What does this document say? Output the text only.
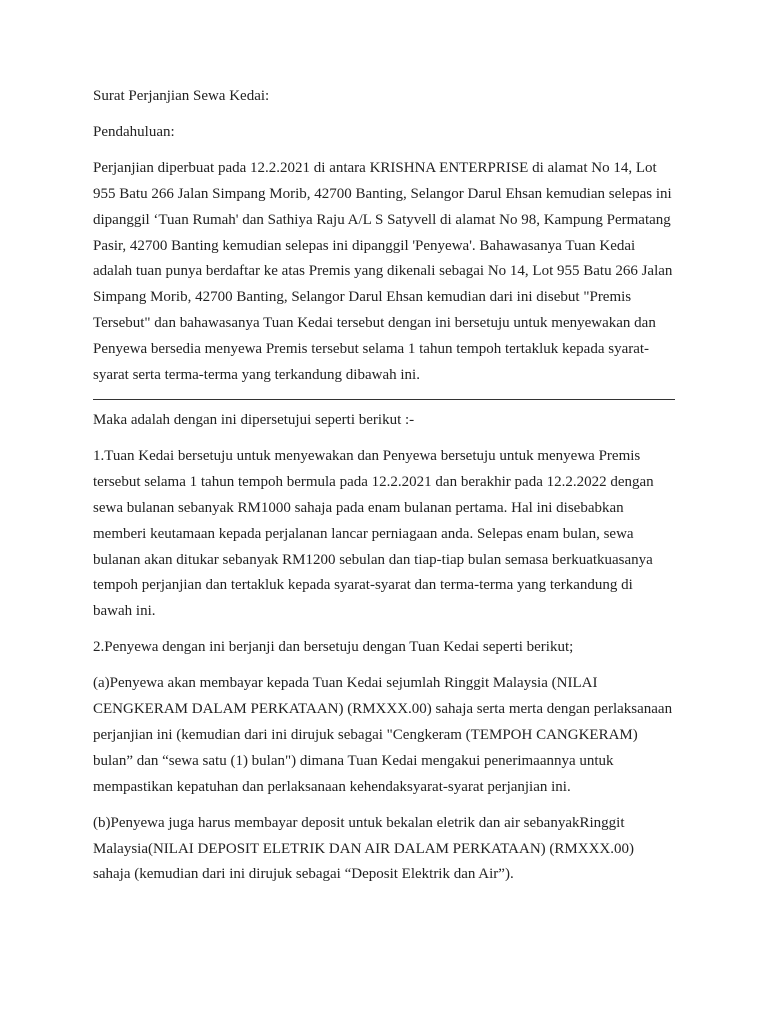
Surat Perjanjian Sewa Kedai:

Pendahuluan:

Perjanjian diperbuat pada 12.2.2021 di antara KRISHNA ENTERPRISE di alamat No 14, Lot 955 Batu 266 Jalan Simpang Morib, 42700 Banting, Selangor Darul Ehsan kemudian selepas ini dipanggil ‘Tuan Rumah' dan Sathiya Raju A/L S Satyvell di alamat No 98, Kampung Permatang Pasir, 42700 Banting kemudian selepas ini dipanggil 'Penyewa'. Bahawasanya Tuan Kedai adalah tuan punya berdaftar ke atas Premis yang dikenali sebagai No 14, Lot 955 Batu 266 Jalan Simpang Morib, 42700 Banting, Selangor Darul Ehsan kemudian dari ini disebut "Premis Tersebut" dan bahawasanya Tuan Kedai tersebut dengan ini bersetuju untuk menyewakan dan Penyewa bersedia menyewa Premis tersebut selama 1 tahun tempoh tertakluk kepada syarat-syarat serta terma-terma yang terkandung dibawah ini.

Maka adalah dengan ini dipersetujui seperti berikut :-

1.Tuan Kedai bersetuju untuk menyewakan dan Penyewa bersetuju untuk menyewa Premis tersebut selama 1 tahun tempoh bermula pada 12.2.2021 dan berakhir pada 12.2.2022 dengan sewa bulanan sebanyak RM1000 sahaja pada enam bulanan pertama. Hal ini disebabkan memberi keutamaan kepada perjalanan lancar perniagaan anda. Selepas enam bulan, sewa bulanan akan ditukar sebanyak RM1200 sebulan dan tiap-tiap bulan semasa berkuatkuasanya tempoh perjanjian dan tertakluk kepada syarat-syarat dan terma-terma yang terkandung di bawah ini.

2.Penyewa dengan ini berjanji dan bersetuju dengan Tuan Kedai seperti berikut;

(a)Penyewa akan membayar kepada Tuan Kedai sejumlah Ringgit Malaysia (NILAI CENGKERAM DALAM PERKATAAN) (RMXXX.00) sahaja serta merta dengan perlaksanaan perjanjian ini (kemudian dari ini dirujuk sebagai "Cengkeram (TEMPOH CANGKERAM) bulan” dan “sewa satu (1) bulan") dimana Tuan Kedai mengakui penerimaannya untuk mempastikan kepatuhan dan perlaksanaan kehendaksyarat-syarat perjanjian ini.

(b)Penyewa juga harus membayar deposit untuk bekalan eletrik dan air sebanyakRinggit Malaysia(NILAI DEPOSIT ELETRIK DAN AIR DALAM PERKATAAN) (RMXXX.00) sahaja (kemudian dari ini dirujuk sebagai “Deposit Elektrik dan Air”).
